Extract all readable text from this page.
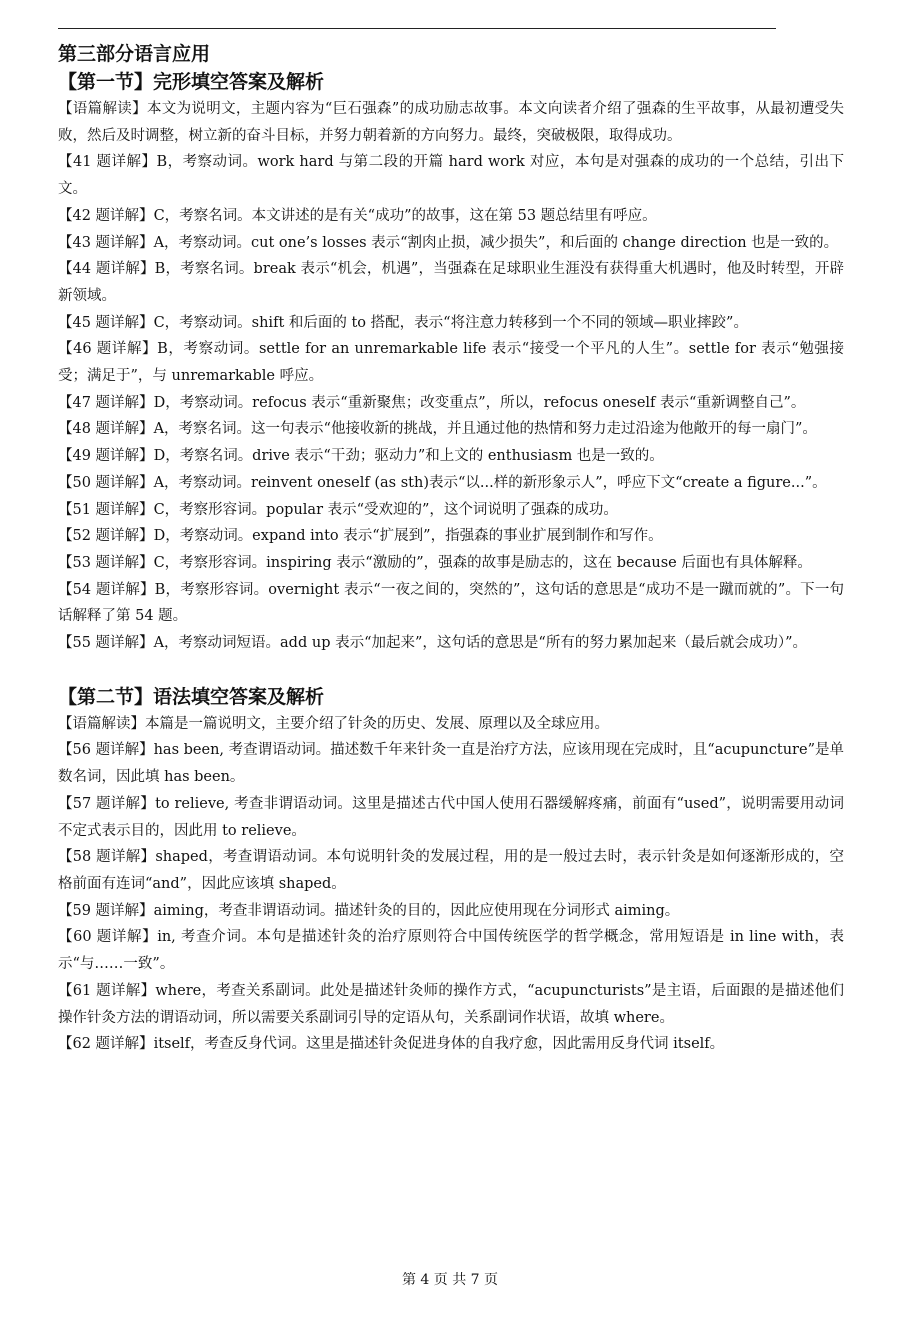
第三部分语言应用
【第一节】完形填空答案及解析

【语篇解读】本文为说明文，主题内容为“巨石强森”的成功励志故事。本文向读者介绍了强森的生平故事，从最初遭受失败，然后及时调整，树立新的奋斗目标，并努力朝着新的方向努力。最终，突破极限，取得成功。

【41 题详解】B，考察动词。work hard 与第二段的开篇 hard work 对应，本句是对强森的成功的一个总结，引出下文。

【42 题详解】C，考察名词。本文讲述的是有关“成功”的故事，这在第 53 题总结里有呼应。

【43 题详解】A，考察动词。cut one’s losses 表示“割肉止损，减少损失”，和后面的 change direction 也是一致的。

【44 题详解】B，考察名词。break 表示“机会，机遇”，当强森在足球职业生涯没有获得重大机遇时，他及时转型，开辟新领域。

【45 题详解】C，考察动词。shift 和后面的 to 搭配，表示“将注意力转移到一个不同的领域—职业摔跤”。

【46 题详解】B，考察动词。settle for an unremarkable life 表示“接受一个平凡的人生”。settle for 表示“勉强接受；满足于”，与 unremarkable 呼应。

【47 题详解】D，考察动词。refocus 表示“重新聚焦；改变重点”，所以，refocus oneself 表示“重新调整自己”。

【48 题详解】A，考察名词。这一句表示“他接收新的挑战，并且通过他的热情和努力走过沿途为他敞开的每一扇门”。

【49 题详解】D，考察名词。drive 表示“干劲；驱动力”和上文的 enthusiasm 也是一致的。

【50 题详解】A，考察动词。reinvent oneself (as sth)表示“以...样的新形象示人”，呼应下文“create a figure...”。

【51 题详解】C，考察形容词。popular 表示“受欢迎的”，这个词说明了强森的成功。

【52 题详解】D，考察动词。expand into 表示“扩展到”，指强森的事业扩展到制作和写作。

【53 题详解】C，考察形容词。inspiring 表示“激励的”，强森的故事是励志的，这在 because 后面也有具体解释。

【54 题详解】B，考察形容词。overnight 表示“一夜之间的，突然的”，这句话的意思是“成功不是一蹴而就的”。下一句话解释了第 54 题。

【55 题详解】A，考察动词短语。add up 表示“加起来”，这句话的意思是“所有的努力累加起来（最后就会成功）”。

【第二节】语法填空答案及解析

【语篇解读】本篇是一篇说明文，主要介绍了针灸的历史、发展、原理以及全球应用。

【56 题详解】has been, 考查谓语动词。描述数千年来针灸一直是治疗方法，应该用现在完成时，且“acupuncture”是单数名词，因此填 has been。

【57 题详解】to relieve, 考查非谓语动词。这里是描述古代中国人使用石器缓解疼痛，前面有“used”，说明需要用动词不定式表示目的，因此用 to relieve。

【58 题详解】shaped，考查谓语动词。本句说明针灸的发展过程，用的是一般过去时，表示针灸是如何逐渐形成的，空格前面有连词“and”，因此应该填 shaped。

【59 题详解】aiming，考查非谓语动词。描述针灸的目的，因此应使用现在分词形式 aiming。

【60 题详解】in, 考查介词。本句是描述针灸的治疗原则符合中国传统医学的哲学概念，常用短语是 in line with，表示“与……一致”。

【61 题详解】where，考查关系副词。此处是描述针灸师的操作方式，“acupuncturists”是主语，后面跟的是描述他们操作针灸方法的谓语动词，所以需要关系副词引导的定语从句，关系副词作状语，故填 where。

【62 题详解】itself，考查反身代词。这里是描述针灸促进身体的自我疗愈，因此需用反身代词 itself。

第 4 页 共 7 页
